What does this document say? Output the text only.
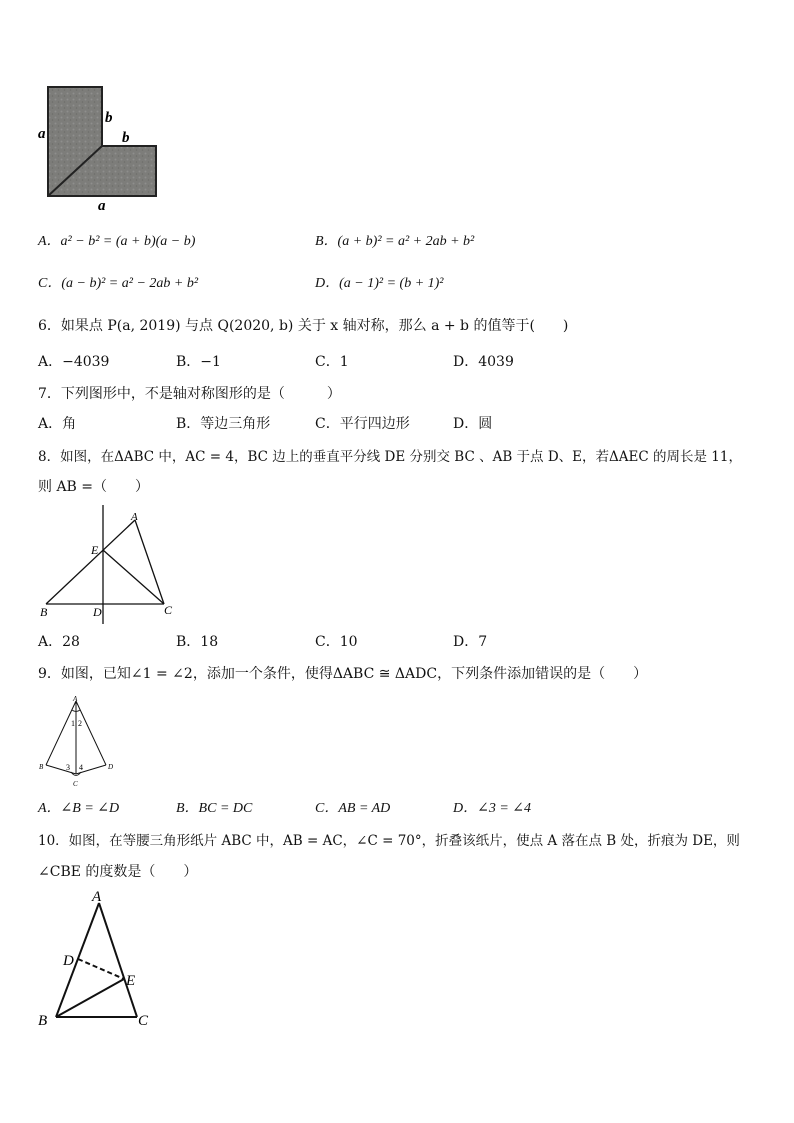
a
b
b
a
A．a² − b² = (a + b)(a − b)	B．(a + b)² = a² + 2ab + b²
C．(a − b)² = a² − 2ab + b²	D．(a − 1)² = (b + 1)²
6．如果点 P(a, 2019) 与点 Q(2020, b) 关于 x 轴对称，那么 a + b 的值等于(　　)
A．−4039	B．−1	C．1	D．4039
7．下列图形中，不是轴对称图形的是（　　　）
A．角	B．等边三角形	C．平行四边形	D．圆
8．如图，在ΔABC 中，AC = 4，BC 边上的垂直平分线 DE 分别交 BC 、AB 于点 D、E，若ΔAEC 的周长是 11，
则 AB =（　　）
A
E
B	D	C
A．28	B．18	C．10	D．7
9．如图，已知∠1 = ∠2，添加一个条件，使得ΔABC ≅ ΔADC，下列条件添加错误的是（　　）
A
1 2
B	3 4	D
C
A．∠B = ∠D	B．BC = DC	C．AB = AD	D．∠3 = ∠4
10．如图，在等腰三角形纸片 ABC 中，AB = AC，∠C = 70°，折叠该纸片，使点 A 落在点 B 处，折痕为 DE，则
∠CBE 的度数是（　　）
A
D
E
B	C
